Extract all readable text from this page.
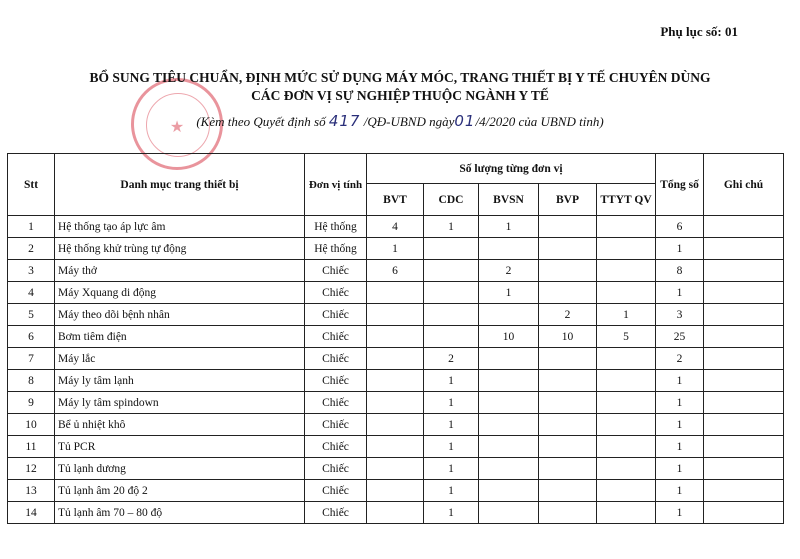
Phụ lục số: 01
★
BỔ SUNG TIÊU CHUẨN, ĐỊNH MỨC SỬ DỤNG MÁY MÓC, TRANG THIẾT BỊ Y TẾ CHUYÊN DÙNG
CÁC ĐƠN VỊ SỰ NGHIỆP THUỘC NGÀNH Y TẾ
(Kèm theo Quyết định số 417 /QĐ-UBND ngày01/4/2020 của UBND tỉnh)
Stt	Danh mục trang thiết bị	Đơn vị tính	Số lượng từng đơn vị					Tổng số	Ghi chú
			BVT	CDC	BVSN	BVP	TTYT QV		
1	Hệ thống tạo áp lực âm	Hệ thống	4	1	1			6	
2	Hệ thống khử trùng tự động	Hệ thống	1					1	
3	Máy thở	Chiếc	6		2			8	
4	Máy Xquang di động	Chiếc			1			1	
5	Máy theo dõi bệnh nhân	Chiếc				2	1	3	
6	Bơm tiêm điện	Chiếc			10	10	5	25	
7	Máy lắc	Chiếc		2				2	
8	Máy ly tâm lạnh	Chiếc		1				1	
9	Máy ly tâm spindown	Chiếc		1				1	
10	Bể ủ nhiệt khô	Chiếc		1				1	
11	Tủ PCR	Chiếc		1				1	
12	Tủ lạnh dương	Chiếc		1				1	
13	Tủ lạnh âm 20 độ 2	Chiếc		1				1	
14	Tủ lạnh âm 70 – 80 độ	Chiếc		1				1	
